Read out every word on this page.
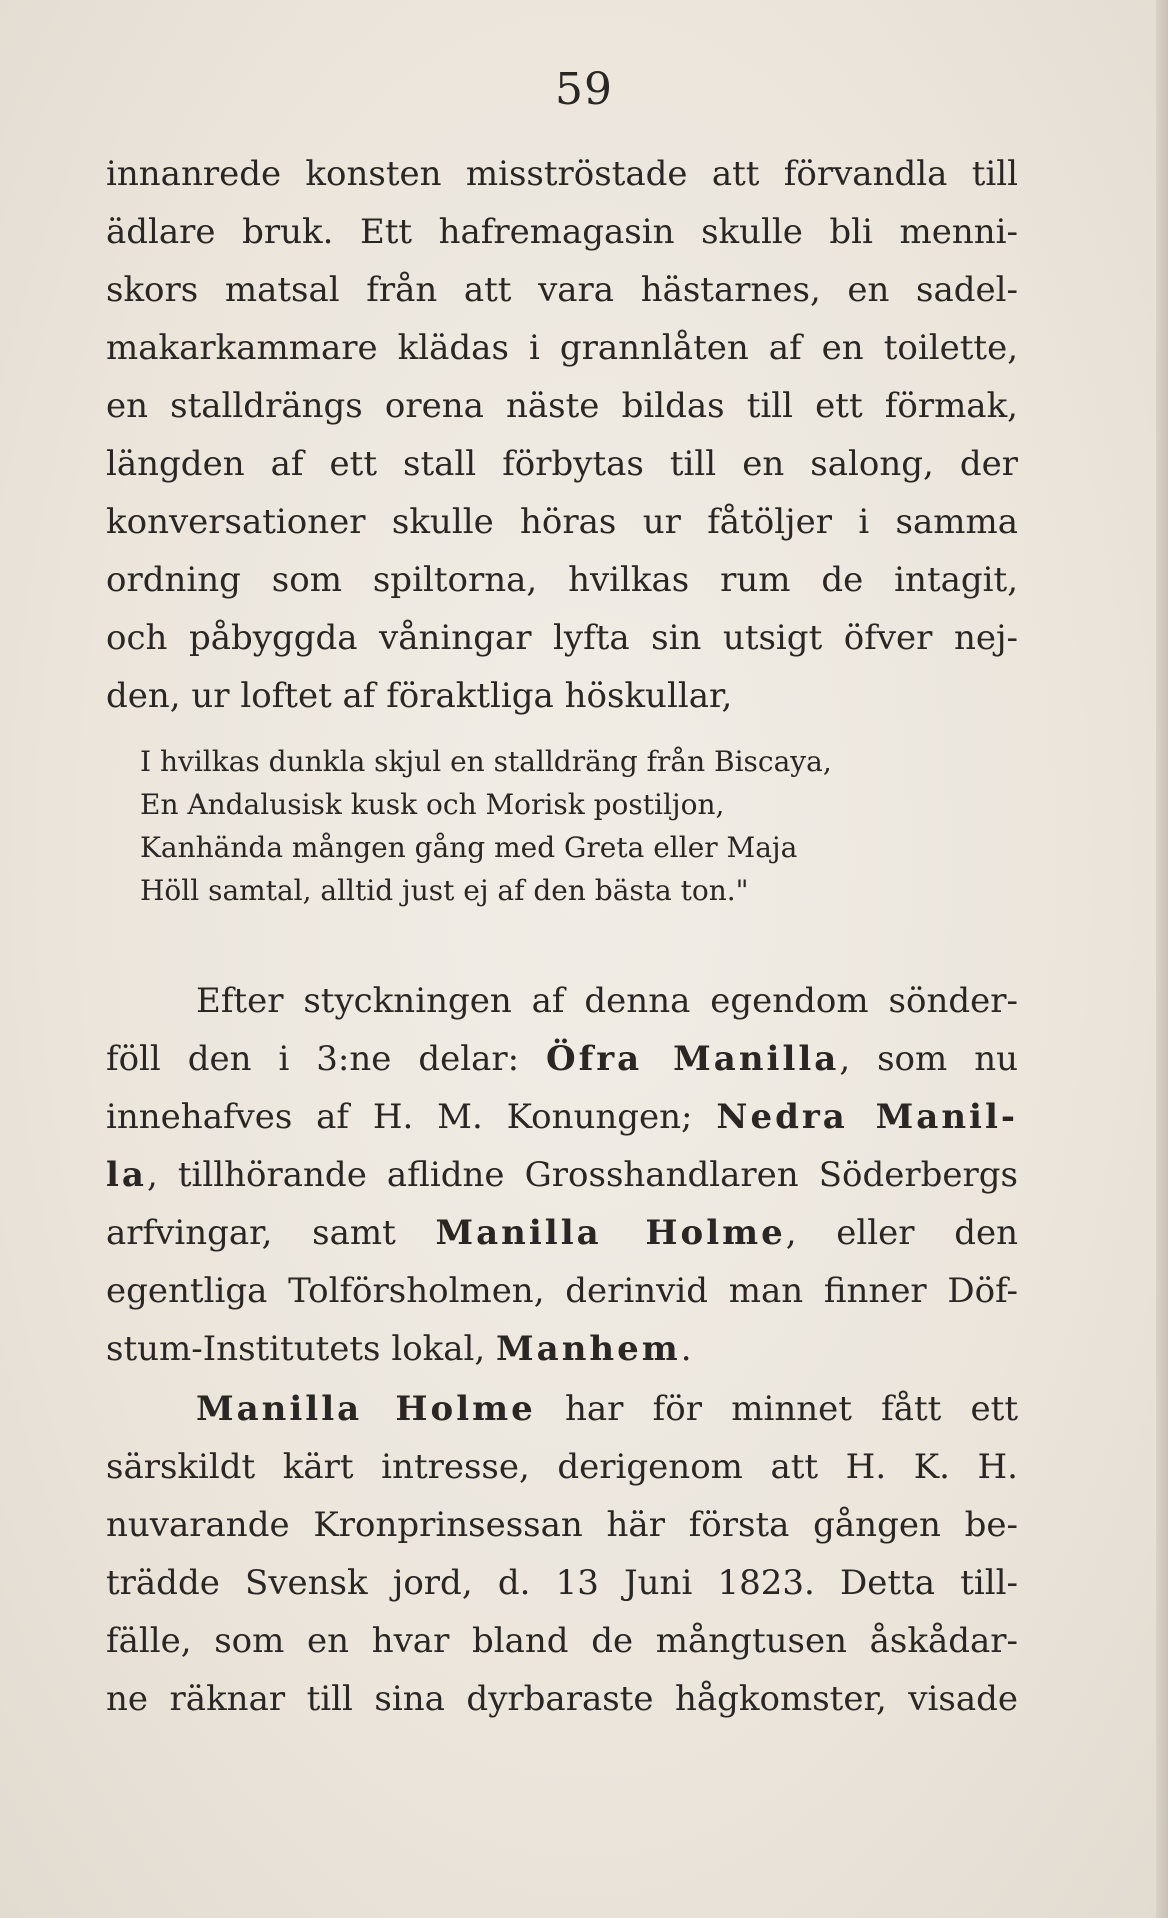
59
innanrede konsten misströstade att förvandla till
ädlare bruk. Ett hafremagasin skulle bli menni-
skors matsal från att vara hästarnes, en sadel-
makarkammare klädas i grannlåten af en toilette,
en stalldrängs orena näste bildas till ett förmak,
längden af ett stall förbytas till en salong, der
konversationer skulle höras ur fåtöljer i samma
ordning som spiltorna, hvilkas rum de intagit,
och påbyggda våningar lyfta sin utsigt öfver nej-
den, ur loftet af föraktliga höskullar,
I hvilkas dunkla skjul en stalldräng från Biscaya,
En Andalusisk kusk och Morisk postiljon,
Kanhända mången gång med Greta eller Maja
Höll samtal, alltid just ej af den bästa ton."
Efter styckningen af denna egendom sönder-
föll den i 3:ne delar: Öfra Manilla, som nu
innehafves af H. M. Konungen; Nedra Manil-
la, tillhörande aflidne Grosshandlaren Söderbergs
arfvingar, samt Manilla Holme, eller den
egentliga Tolförsholmen, derinvid man finner Döf-
stum-Institutets lokal, Manhem.
Manilla Holme har för minnet fått ett
särskildt kärt intresse, derigenom att H. K. H.
nuvarande Kronprinsessan här första gången be-
trädde Svensk jord, d. 13 Juni 1823. Detta till-
fälle, som en hvar bland de mångtusen åskådar-
ne räknar till sina dyrbaraste hågkomster, visade
